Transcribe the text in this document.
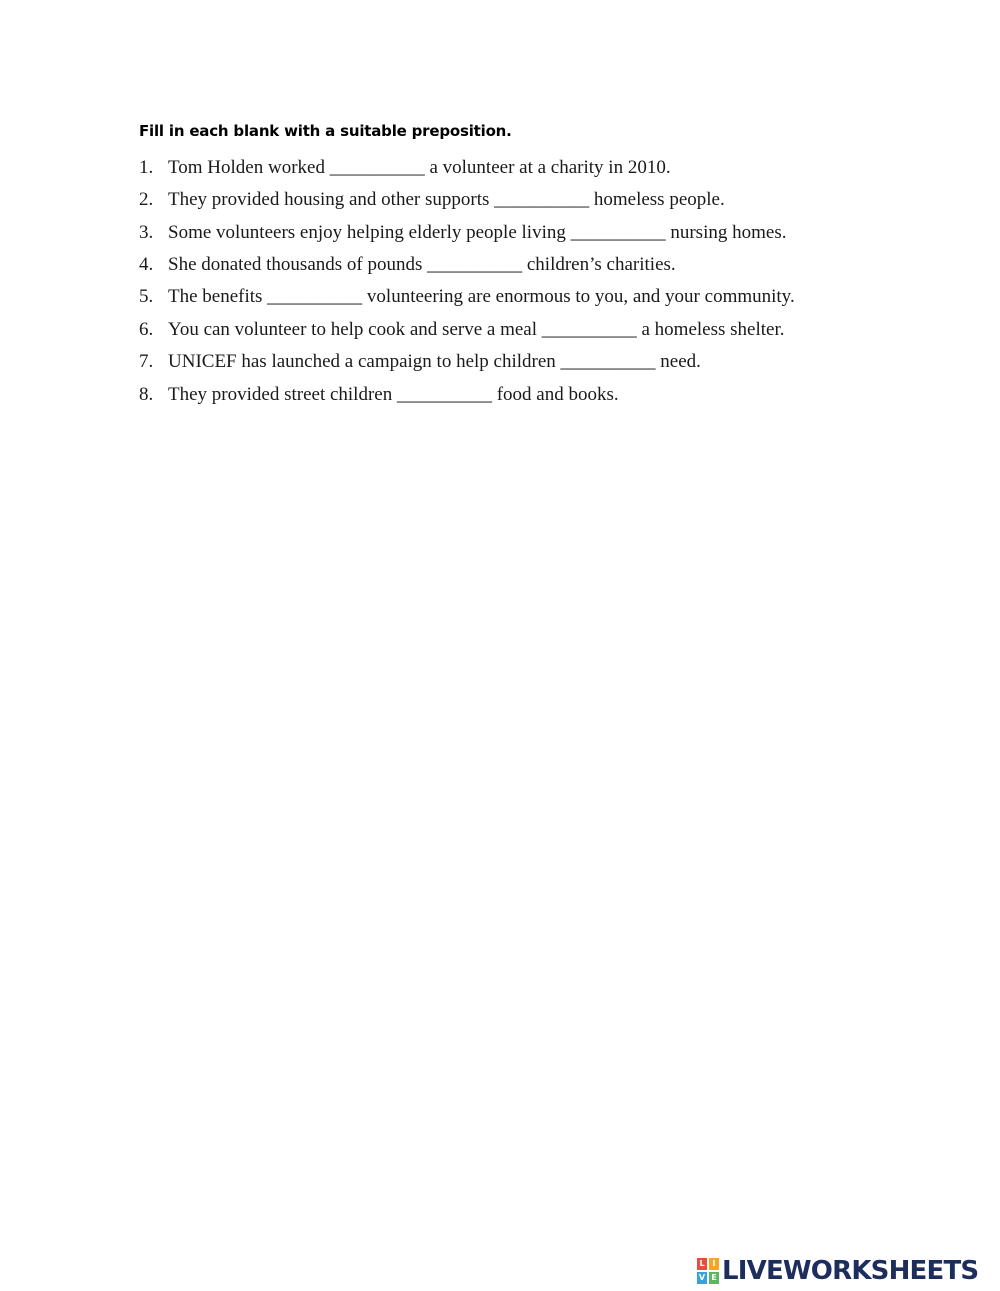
Fill in each blank with a suitable preposition.
1. Tom Holden worked __________ a volunteer at a charity in 2010.
2. They provided housing and other supports __________ homeless people.
3. Some volunteers enjoy helping elderly people living __________ nursing homes.
4. She donated thousands of pounds __________ children’s charities.
5. The benefits __________ volunteering are enormous to you, and your community.
6. You can volunteer to help cook and serve a meal __________ a homeless shelter.
7. UNICEF has launched a campaign to help children __________ need.
8. They provided street children __________ food and books.
L I
V E LIVEWORKSHEETS
